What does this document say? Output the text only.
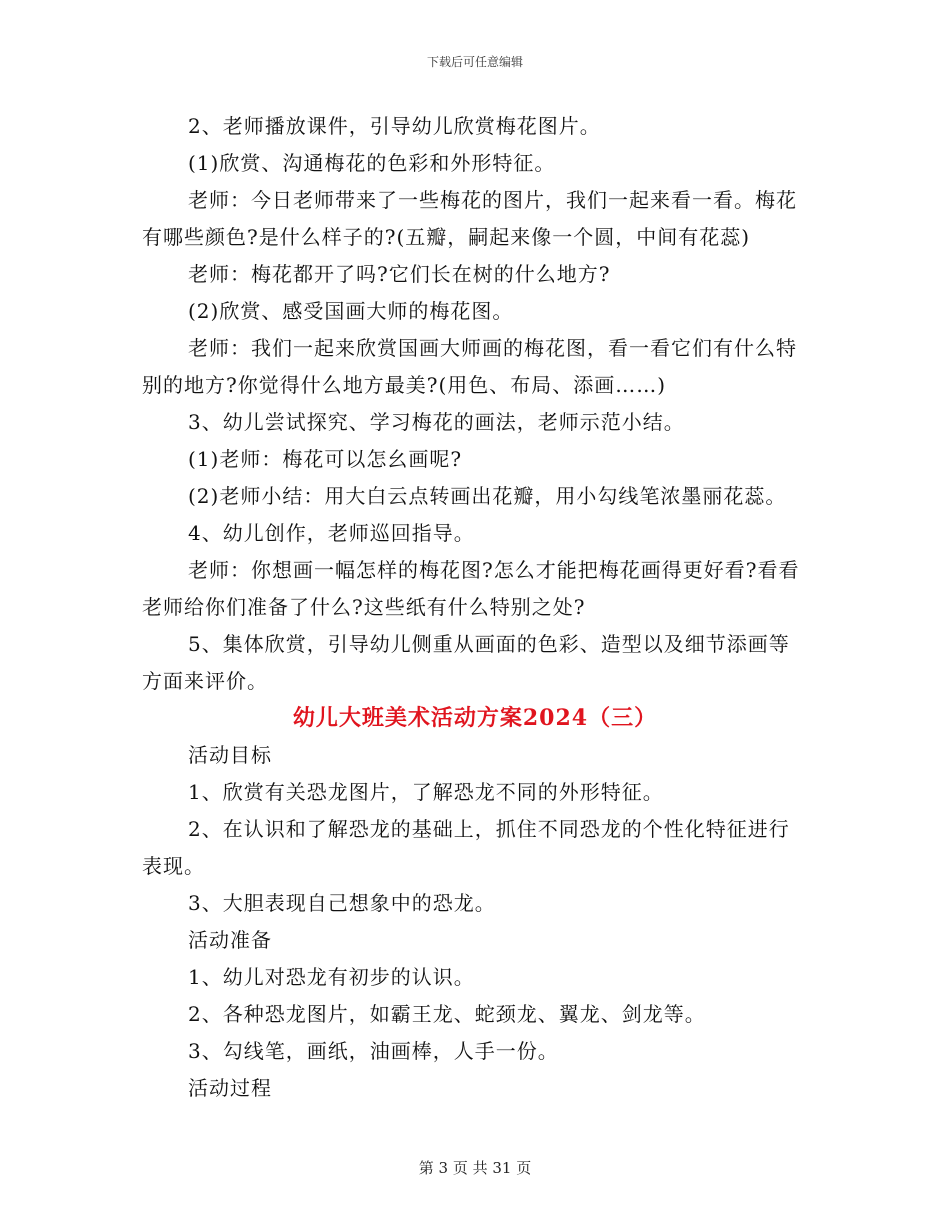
下载后可任意编辑

2、老师播放课件，引导幼儿欣赏梅花图片。

(1)欣赏、沟通梅花的色彩和外形特征。

老师：今日老师带来了一些梅花的图片，我们一起来看一看。梅花有哪些颜色?是什么样子的?(五瓣，嗣起来像一个圆，中间有花蕊)

老师：梅花都开了吗?它们长在树的什么地方?

(2)欣赏、感受国画大师的梅花图。

老师：我们一起来欣赏国画大师画的梅花图，看一看它们有什么特别的地方?你觉得什么地方最美?(用色、布局、添画……)

3、幼儿尝试探究、学习梅花的画法，老师示范小结。

(1)老师：梅花可以怎幺画呢?

(2)老师小结：用大白云点转画出花瓣，用小勾线笔浓墨丽花蕊。

4、幼儿创作，老师巡回指导。

老师：你想画一幅怎样的梅花图?怎么才能把梅花画得更好看?看看老师给你们准备了什么?这些纸有什么特别之处?

5、集体欣赏，引导幼儿侧重从画面的色彩、造型以及细节添画等方面来评价。

幼儿大班美术活动方案2024（三）

活动目标

1、欣赏有关恐龙图片，了解恐龙不同的外形特征。

2、在认识和了解恐龙的基础上，抓住不同恐龙的个性化特征进行表现。

3、大胆表现自己想象中的恐龙。

活动准备

1、幼儿对恐龙有初步的认识。

2、各种恐龙图片，如霸王龙、蛇颈龙、翼龙、剑龙等。

3、勾线笔，画纸，油画棒，人手一份。

活动过程

第 3 页 共 31 页
